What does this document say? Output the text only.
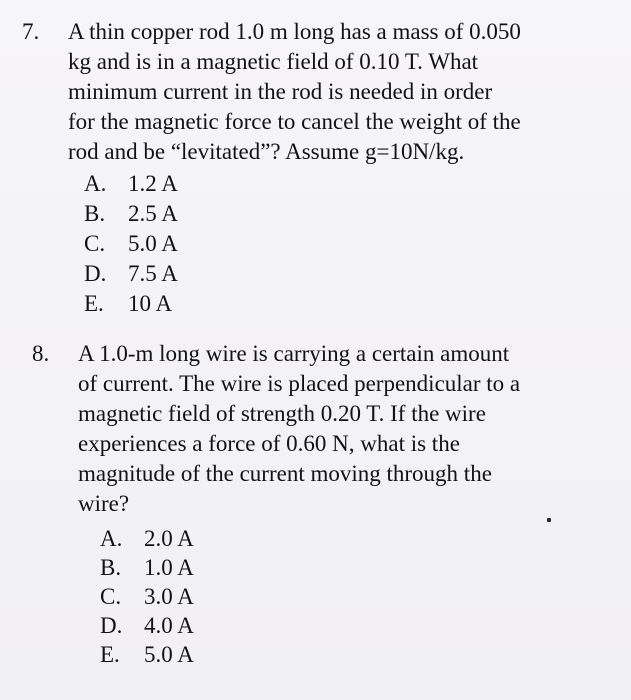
7. A thin copper rod 1.0 m long has a mass of 0.050
kg and is in a magnetic field of 0.10 T. What
minimum current in the rod is needed in order
for the magnetic force to cancel the weight of the
rod and be “levitated”? Assume g=10N/kg.
A. 1.2 A
B. 2.5 A
C. 5.0 A
D. 7.5 A
E. 10 A
8. A 1.0-m long wire is carrying a certain amount
of current. The wire is placed perpendicular to a
magnetic field of strength 0.20 T. If the wire
experiences a force of 0.60 N, what is the
magnitude of the current moving through the
wire?
A. 2.0 A
B. 1.0 A
C. 3.0 A
D. 4.0 A
E. 5.0 A
